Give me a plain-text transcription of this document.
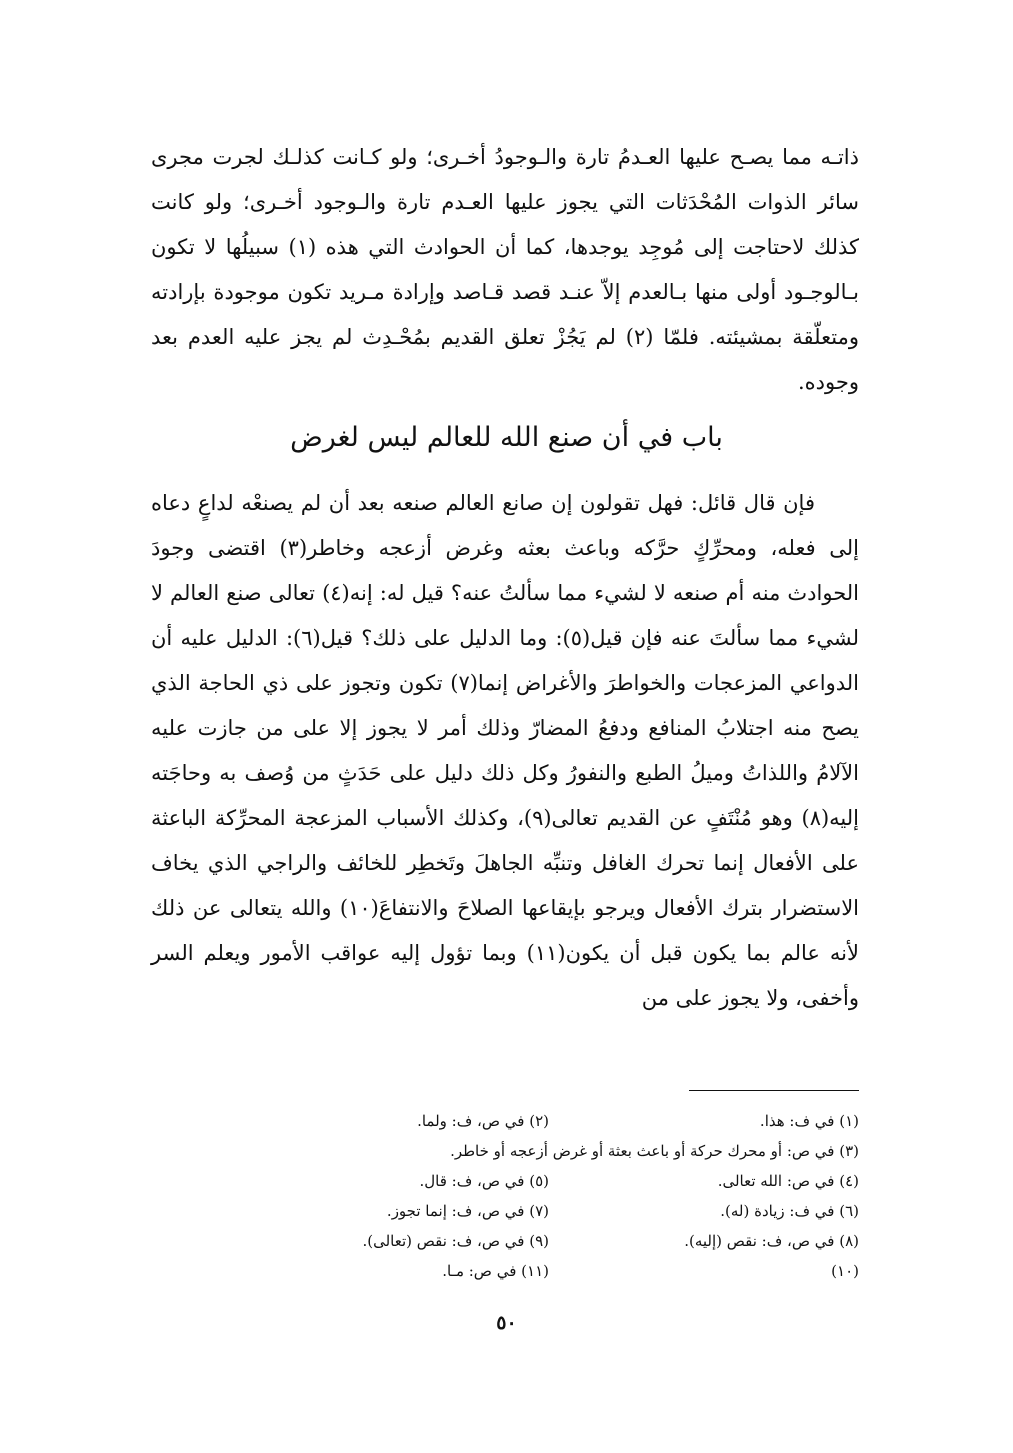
ذاتـه مما يصـح عليها العـدمُ تارة والـوجودُ أخـرى؛ ولو كـانت كذلـك لجرت مجرى سائر الذوات المُحْدَثات التي يجوز عليها العـدم تارة والـوجود أخـرى؛ ولو كانت كذلك لاحتاجت إلى مُوجِد يوجدها، كما أن الحوادث التي هذه (١) سبيلُها لا تكون بـالوجـود أولى منها بـالعدم إلاّ عنـد قصد قـاصد وإرادة مـريد تكون موجودة بإرادته ومتعلّقة بمشيئته. فلمّا (٢) لم يَجُزْ تعلق القديم بمُحْـدِث لم يجز عليه العدم بعد وجوده.

باب في أن صنع الله للعالم ليس لغرض

فإن قال قائل: فهل تقولون إن صانع العالم صنعه بعد أن لم يصنعْه لداعٍ دعاه إلى فعله، ومحرِّكٍ حرَّكه وباعث بعثه وغرض أزعجه وخاطر(٣) اقتضى وجودَ الحوادث منه أم صنعه لا لشيء مما سألتُ عنه؟ قيل له: إنه(٤) تعالى صنع العالم لا لشيء مما سألتَ عنه فإن قيل(٥): وما الدليل على ذلك؟ قيل(٦): الدليل عليه أن الدواعي المزعجات والخواطرَ والأغراض إنما(٧) تكون وتجوز على ذي الحاجة الذي يصح منه اجتلابُ المنافع ودفعُ المضارّ وذلك أمر لا يجوز إلا على من جازت عليه الآلامُ واللذاتُ وميلُ الطبع والنفورُ وكل ذلك دليل على حَدَثٍ من وُصف به وحاجَته إليه(٨) وهو مُنْتَفٍ عن القديم تعالى(٩)، وكذلك الأسباب المزعجة المحرِّكة الباعثة على الأفعال إنما تحرك الغافل وتنبِّه الجاهلَ وتَخطِر للخائف والراجي الذي يخاف الاستضرار بترك الأفعال ويرجو بإيقاعها الصلاحَ والانتفاعَ(١٠) والله يتعالى عن ذلك لأنه عالم بما يكون قبل أن يكون(١١) وبما تؤول إليه عواقب الأمور ويعلم السر وأخفى، ولا يجوز على من

(١) في ف: هذا.
(٢) في ص، ف: ولما.
(٣) في ص: أو محرك حركة أو باعث بعثة أو غرض أزعجه أو خاطر.
(٤) في ص: الله تعالى.
(٥) في ص، ف: قال.
(٦) في ف: زيادة (له).
(٧) في ص، ف: إنما تجوز.
(٨) في ص، ف: نقص (إليه).
(٩) في ص، ف: نقص (تعالى).
(١٠)
(١١) في ص: مـا.
٥٠
